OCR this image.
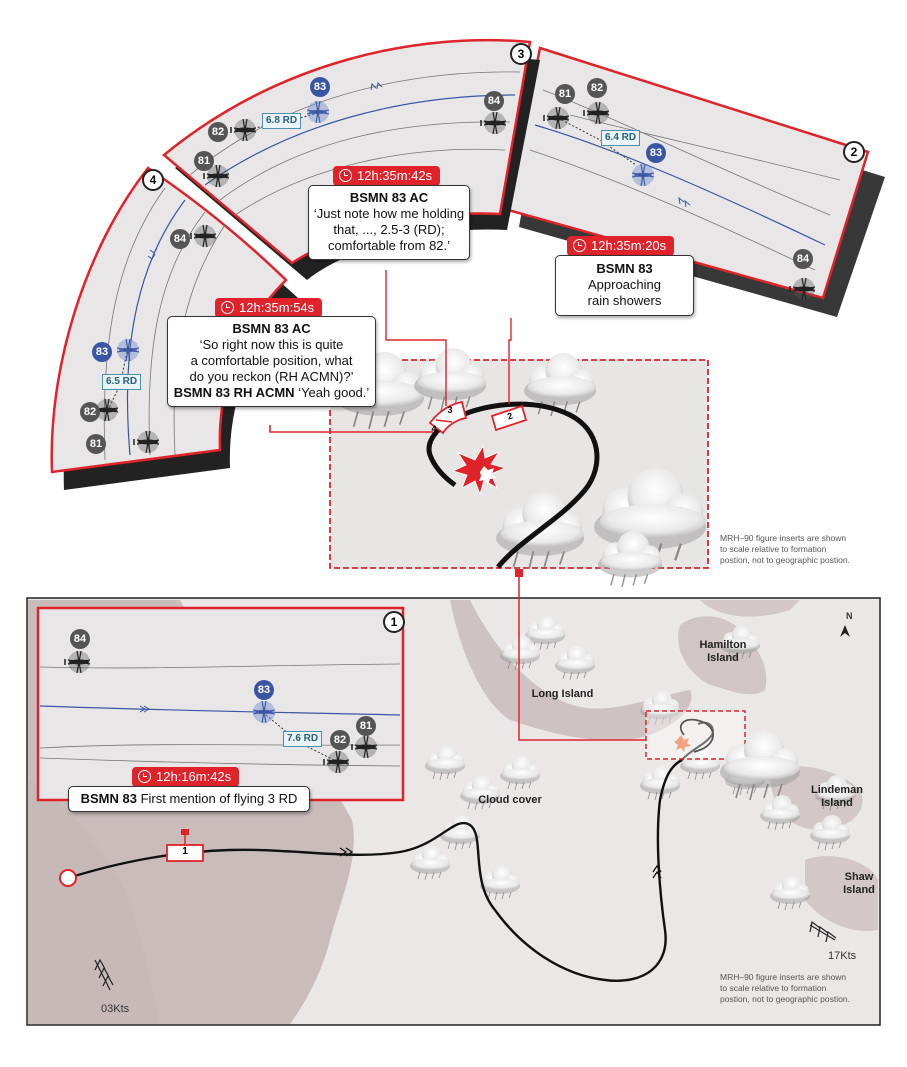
3
2
4
1
83
84
82
81
6.8 RD
81	82
83
84
6.4 RD
84
83
82
81
6.5 RD
84
83
82
81
7.6 RD
1
2
3
4
12h:35m:42s
BSMN 83 AC
‘Just note how me holding
that, ..., 2.5-3 (RD);
comfortable from 82.’	12h:35m:20s
BSMN 83
Approaching
rain showers
12h:35m:54s
BSMN 83 AC
‘So right now this is quite
a comfortable position, what
do you reckon (RH ACMN)?’
BSMN 83 RH ACMN ‘Yeah good.’
12h:16m:42s
BSMN 83 First mention of flying 3 RD
Hamilton Island
Long Island
Lindeman Island
Shaw Island
Cloud cover
03Kts
17Kts
N
MRH–90 figure inserts are shown
to scale relative to formation
postion, not to geographic postion.
MRH–90 figure inserts are shown
to scale relative to formation
postion, not to geographic postion.
